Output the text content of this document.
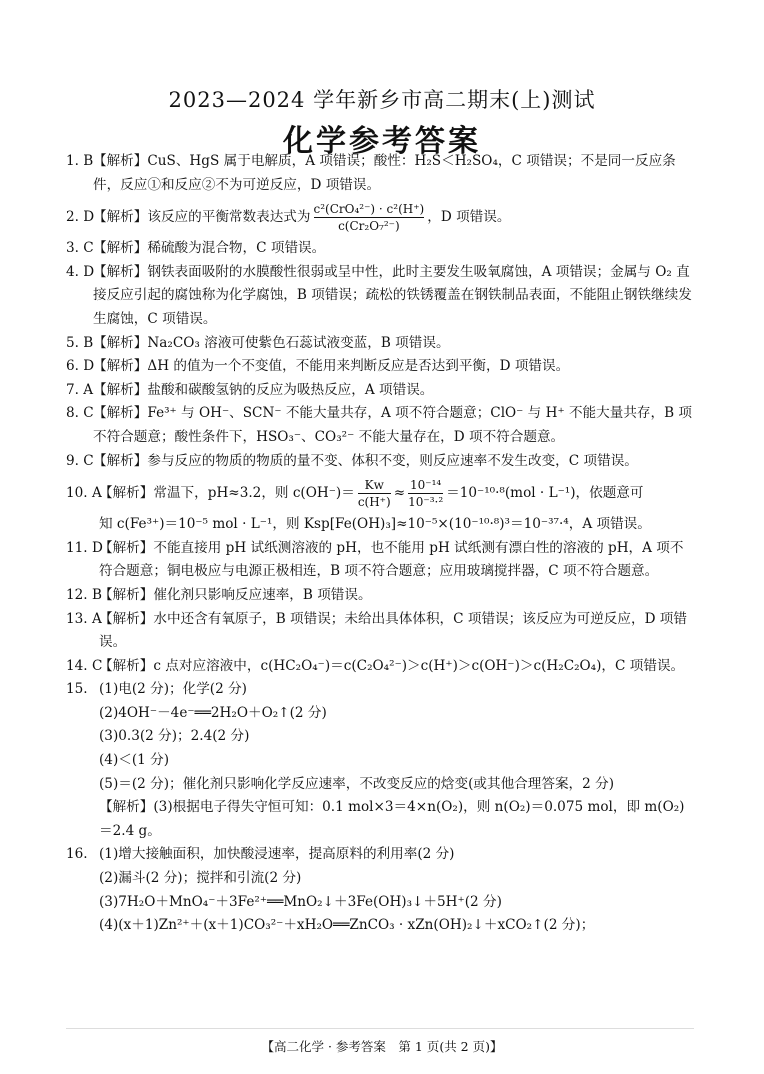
2023—2024 学年新乡市高二期末(上)测试
化学参考答案
1. B 【解析】CuS、HgS 属于电解质，A 项错误；酸性：H₂S＜H₂SO₄，C 项错误；不是同一反应条件，反应①和反应②不为可逆反应，D 项错误。
2. D
【解析】该反应的平衡常数表达式为 $\frac{\text{c²(CrO₄²⁻) · c²(H⁺)}}{\text{c(Cr₂O₇²⁻)}}$ ，D 项错误。
3. C 【解析】稀硫酸为混合物，C 项错误。
4. D
【解析】钢铁表面吸附的水膜酸性很弱或呈中性，此时主要发生吸氧腐蚀，A 项错误；金属与 O₂ 直接反应引起的腐蚀称为化学腐蚀，B 项错误；疏松的铁锈覆盖在钢铁制品表面，不能阻止钢铁继续发生腐蚀，C 项错误。
5. B 【解析】Na₂CO₃ 溶液可使紫色石蕊试液变蓝，B 项错误。
6. D
【解析】ΔH 的值为一个不变值，不能用来判断反应是否达到平衡，D 项错误。
7. A 【解析】盐酸和碳酸氢钠的反应为吸热反应，A 项错误。
8. C 【解析】Fe³⁺ 与 OH⁻、SCN⁻ 不能大量共存，A 项不符合题意；ClO⁻ 与 H⁺ 不能大量共存，B 项不符合题意；酸性条件下，HSO₃⁻、CO₃²⁻ 不能大量存在，D 项不符合题意。
9. C 【解析】参与反应的物质的物质的量不变、体积不变，则反应速率不发生改变，C 项错误。
10. A
【解析】常温下，pH≈3.2，则 $c(OH^-)= \frac{Kw}{c(H^+)} \approx \frac{\text{10⁻¹⁴}}{\text{10⁻³·²}} =10^{-10}\cdot^8(mol \cdot L^{-1})$，依题意可
知 c(Fe³⁺)＝10⁻⁵ mol · L⁻¹，则 Ksp[Fe(OH)₃]≈10⁻⁵×(10⁻¹⁰·⁸)³＝10⁻³⁷·⁴，A 项错误。
11. D
【解析】不能直接用 pH 试纸测溶液的 pH，也不能用 pH 试纸测有漂白性的溶液的 pH，A 项不符合题意；铜电极应与电源正极相连，B 项不符合题意；应用玻璃搅拌器，C 项不符合题意。
12. B
【解析】催化剂只影响反应速率，B 项错误。
13. A
【解析】水中还含有氧原子，B 项错误；未给出具体体积，C 项错误；该反应为可逆反应，D 项错误。
14. C
【解析】c 点对应溶液中，c(HC₂O₄⁻)＝c(C₂O₄²⁻)＞c(H⁺)＞c(OH⁻)＞c(H₂C₂O₄)，C 项错误。
15. (1)电(2 分)；化学(2 分)
(2)4OH⁻－4e⁻══2H₂O＋O₂↑(2 分)
(3)0.3(2 分)；2.4(2 分)
(4)＜(1 分)
(5)＝(2 分)；催化剂只影响化学反应速率，不改变反应的焓变(或其他合理答案，2 分)
【解析】(3)根据电子得失守恒可知：0.1 mol×3＝4×n(O₂)，则 n(O₂)＝0.075 mol，即 m(O₂)＝2.4 g。
16. (1)增大接触面积，加快酸浸速率，提高原料的利用率(2 分)
(2)漏斗(2 分)；搅拌和引流(2 分)
(3)7H₂O＋MnO₄⁻＋3Fe²⁺══MnO₂↓＋3Fe(OH)₃↓＋5H⁺(2 分)
(4)(x＋1)Zn²⁺＋(x＋1)CO₃²⁻＋xH₂O══ZnCO₃ · xZn(OH)₂↓＋xCO₂↑(2 分)；
【高二化学 · 参考答案　第 1 页(共 2 页)】
